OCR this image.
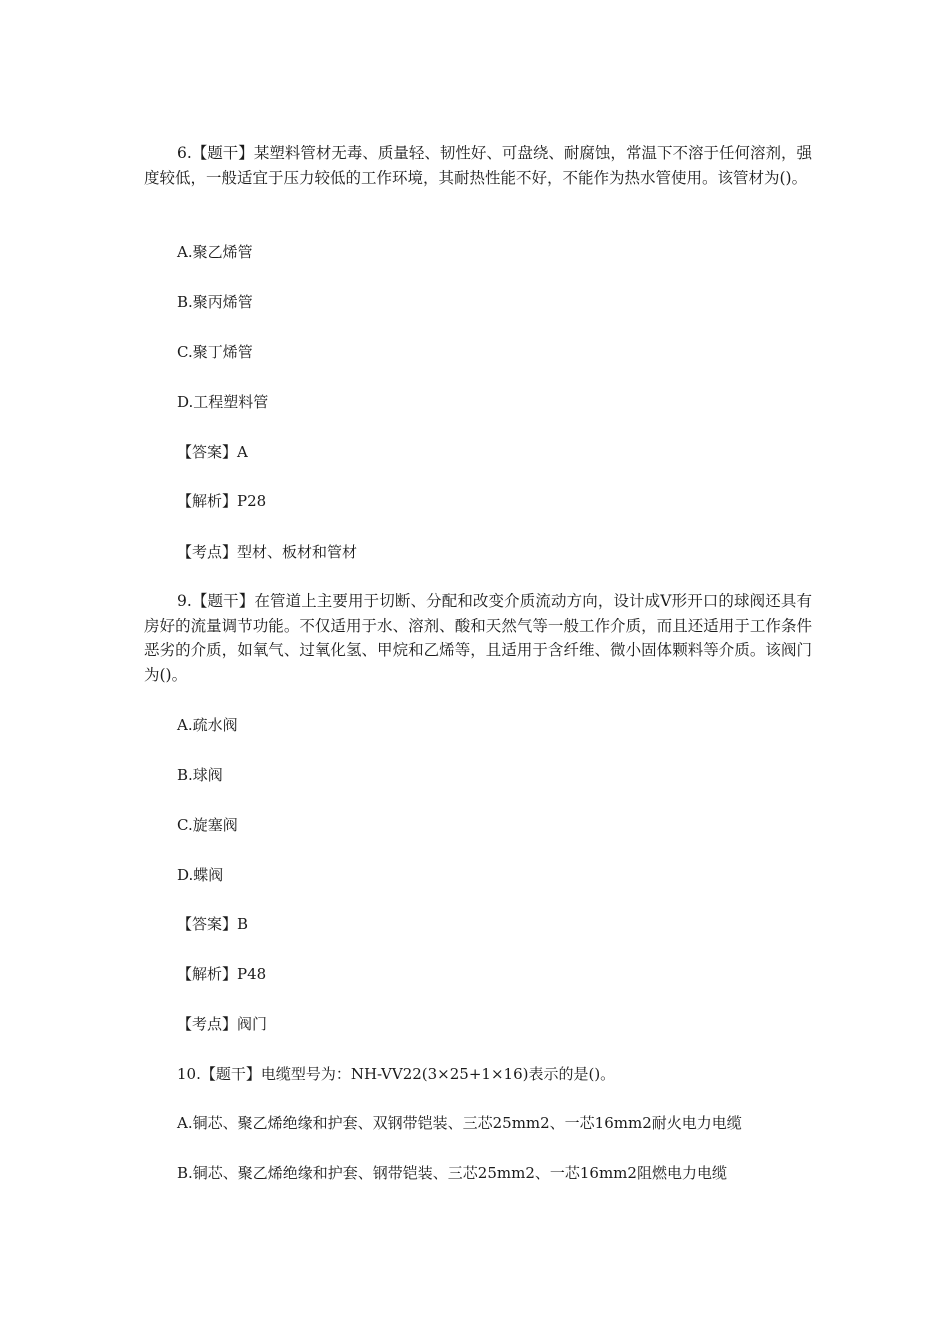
6.【题干】某塑料管材无毒、质量轻、韧性好、可盘绕、耐腐蚀，常温下不溶于任何溶剂，强度较低，一般适宜于压力较低的工作环境，其耐热性能不好，不能作为热水管使用。该管材为()。
A.聚乙烯管
B.聚丙烯管
C.聚丁烯管
D.工程塑料管
【答案】A
【解析】P28
【考点】型材、板材和管材
9.【题干】在管道上主要用于切断、分配和改变介质流动方向，设计成V形开口的球阀还具有房好的流量调节功能。不仅适用于水、溶剂、酸和天然气等一般工作介质，而且还适用于工作条件恶劣的介质，如氧气、过氧化氢、甲烷和乙烯等，且适用于含纤维、微小固体颗料等介质。该阀门为()。
A.疏水阀
B.球阀
C.旋塞阀
D.蝶阀
【答案】B
【解析】P48
【考点】阀门
10.【题干】电缆型号为：NH-VV22(3×25+1×16)表示的是()。
A.铜芯、聚乙烯绝缘和护套、双钢带铠装、三芯25mm2、一芯16mm2耐火电力电缆
B.铜芯、聚乙烯绝缘和护套、钢带铠装、三芯25mm2、一芯16mm2阻燃电力电缆
